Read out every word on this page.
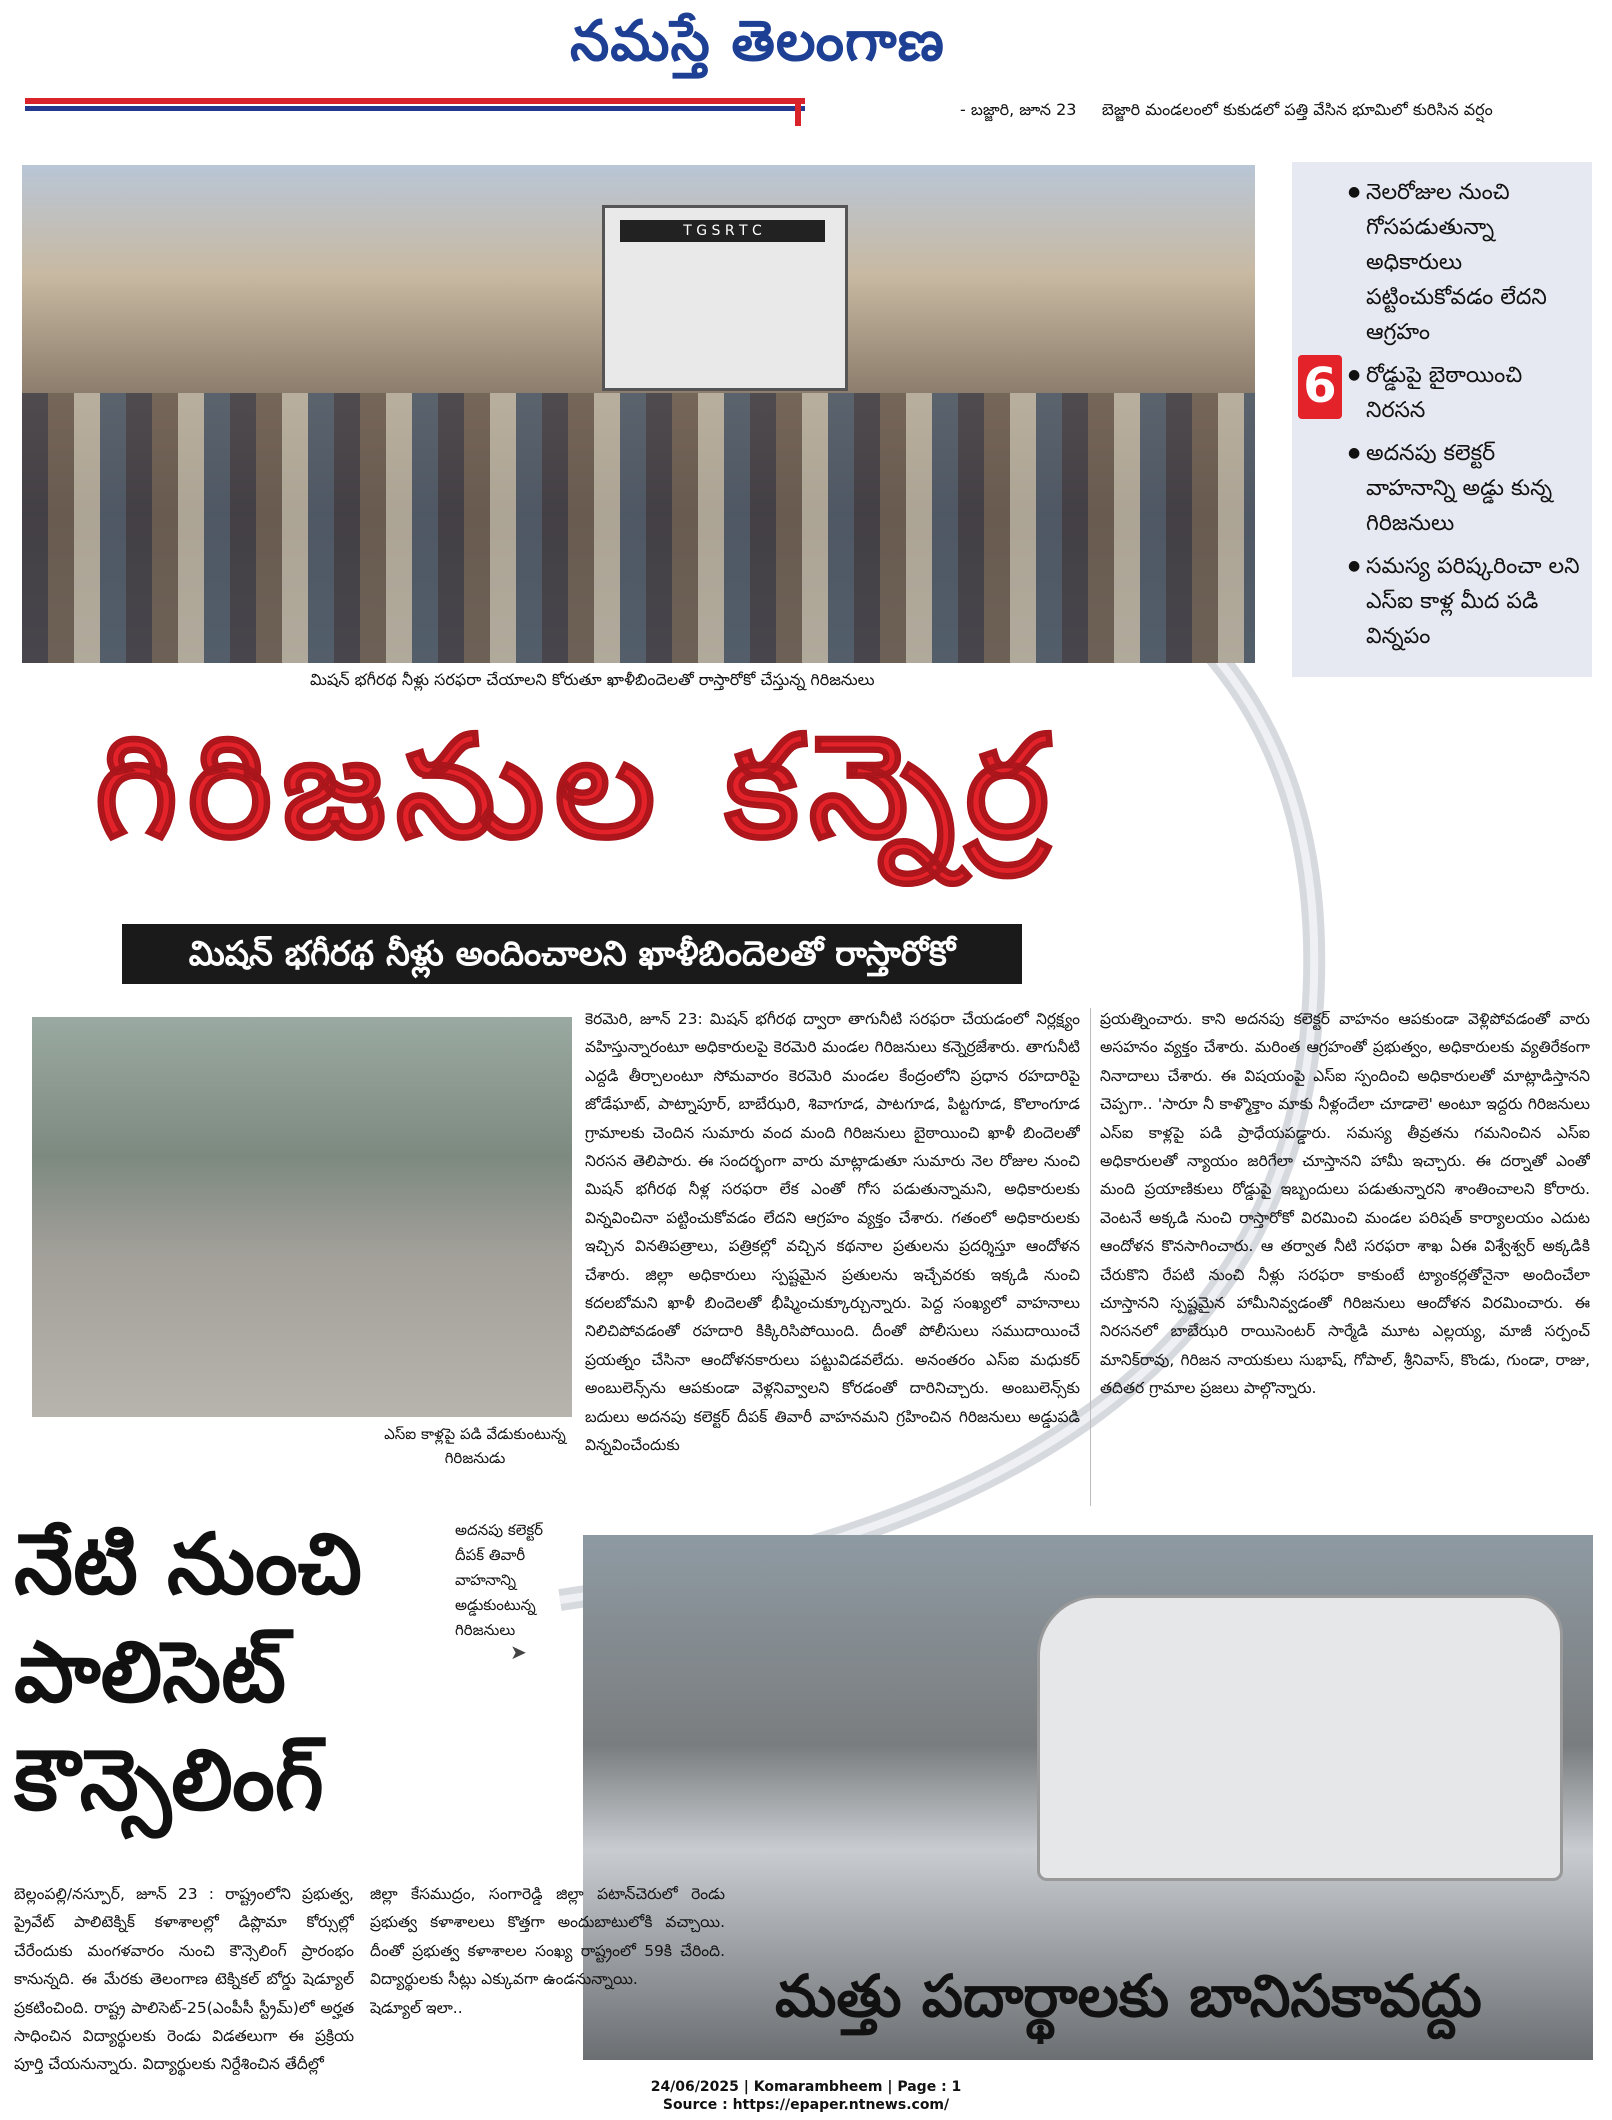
నమస్తే తెలంగాణ
- బజ్జారి, జూన 23 బెజ్జారి మండలంలో కుకుడలో పత్తి వేసిన భూమిలో కురిసిన వర్షం
T G S R T C
మిషన్ భగీరథ నీళ్లు సరఫరా చేయాలని కోరుతూ ఖాళీబిందెలతో రాస్తారోకో చేస్తున్న గిరిజనులు
6
● నెలరోజుల నుంచి గోసపడుతున్నా అధికారులు పట్టించుకోవడం లేదని ఆగ్రహం
● రోడ్డుపై బైఠాయించి నిరసన
● అదనపు కలెక్టర్ వాహనాన్ని అడ్డు కున్న గిరిజనులు
● సమస్య పరిష్కరించా లని ఎస్ఐ కాళ్ల మీద పడి విన్నపం
గిరిజనుల కన్నెర్ర
మిషన్ భగీరథ నీళ్లు అందించాలని ఖాళీబిందెలతో రాస్తారోకో
ఎస్ఐ కాళ్లపై పడి వేడుకుంటున్న గిరిజనుడు
కెరమెరి, జూన్ 23: మిషన్ భగీరథ ద్వారా తాగునీటి సరఫరా చేయడంలో నిర్లక్ష్యం వహిస్తున్నారంటూ అధికారులపై కెరమెరి మండల గిరిజనులు కన్నెర్రజేశారు. తాగునీటి ఎద్దడి తీర్చాలంటూ సోమవారం కెరమెరి మండల కేంద్రంలోని ప్రధాన రహదారిపై జోడేఘాట్, పాట్నాపూర్, బాబేఝరి, శివాగూడ, పాటగూడ, పిట్టగూడ, కొలాంగూడ గ్రామాలకు చెందిన సుమారు వంద మంది గిరిజనులు బైఠాయించి ఖాళీ బిందెలతో నిరసన తెలిపారు. ఈ సందర్భంగా వారు మాట్లాడుతూ సుమారు నెల రోజుల నుంచి మిషన్ భగీరథ నీళ్ల సరఫరా లేక ఎంతో గోస పడుతున్నామని, అధికారులకు విన్నవించినా పట్టించుకోవడం లేదని ఆగ్రహం వ్యక్తం చేశారు. గతంలో అధికారులకు ఇచ్చిన వినతిపత్రాలు, పత్రికల్లో వచ్చిన కథనాల ప్రతులను ప్రదర్శిస్తూ ఆందోళన చేశారు. జిల్లా అధికారులు స్పష్టమైన ప్రతులను ఇచ్చేవరకు ఇక్కడి నుంచి కదలబోమని ఖాళీ బిందెలతో భీష్మించుక్కూర్చున్నారు. పెద్ద సంఖ్యలో వాహనాలు నిలిచిపోవడంతో రహదారి కిక్కిరిసిపోయింది. దీంతో పోలీసులు సముదాయించే ప్రయత్నం చేసినా ఆందోళనకారులు పట్టువిడవలేదు. అనంతరం ఎస్ఐ మధుకర్ అంబులెన్స్‌ను ఆపకుండా వెళ్లనివ్వాలని కోరడంతో దారినిచ్చారు. అంబులెన్స్‌కు బదులు అదనపు కలెక్టర్ దీపక్ తివారీ వాహనమని గ్రహించిన గిరిజనులు అడ్డుపడి విన్నవించేందుకు
ప్రయత్నించారు. కాని అదనపు కలెక్టర్ వాహనం ఆపకుండా వెళ్లిపోవడంతో వారు అసహనం వ్యక్తం చేశారు. మరింత ఆగ్రహంతో ప్రభుత్వం, అధికారులకు వ్యతిరేకంగా నినాదాలు చేశారు. ఈ విషయంపై ఎస్ఐ స్పందించి అధికారులతో మాట్లాడిస్తానని చెప్పగా.. 'సారూ నీ కాళ్మొక్తాం మాకు నీళ్లందేలా చూడాలె' అంటూ ఇద్దరు గిరిజనులు ఎస్ఐ కాళ్లపై పడి ప్రాధేయపడ్డారు. సమస్య తీవ్రతను గమనించిన ఎస్ఐ అధికారులతో న్యాయం జరిగేలా చూస్తానని హామీ ఇచ్చారు. ఈ దర్నాతో ఎంతో మంది ప్రయాణికులు రోడ్డుపై ఇబ్బందులు పడుతున్నారని శాంతించాలని కోరారు. వెంటనే అక్కడి నుంచి రాస్తారోకో విరమించి మండల పరిషత్ కార్యాలయం ఎదుట ఆందోళన కొనసాగించారు. ఆ తర్వాత నీటి సరఫరా శాఖ ఏఈ విశ్వేశ్వర్ అక్కడికి చేరుకొని రేపటి నుంచి నీళ్లు సరఫరా కాకుంటే ట్యాంకర్లతోనైనా అందించేలా చూస్తానని స్పష్టమైన హామీనివ్వడంతో గిరిజనులు ఆందోళన విరమించారు. ఈ నిరసనలో బాబేఝరి రాయిసెంటర్ సార్మేడి మూట ఎల్లయ్య, మాజీ సర్పంచ్ మానిక్‌రావు, గిరిజన నాయకులు సుభాష్, గోపాల్, శ్రీనివాస్, కొండు, గుండా, రాజు, తదితర గ్రామాల ప్రజలు పాల్గొన్నారు.
అదనపు కలెక్టర్ దీపక్ తివారీ వాహనాన్ని అడ్డుకుంటున్న గిరిజనులు
➤
నేటి నుంచి పాలిసెట్ కౌన్సెలింగ్
బెల్లంపల్లి/నస్పూర్, జూన్ 23 : రాష్ట్రంలోని ప్రభుత్వ, ప్రైవేట్ పాలిటెక్నిక్ కళాశాలల్లో డిప్లొమా కోర్సుల్లో చేరేందుకు మంగళవారం నుంచి కౌన్సెలింగ్ ప్రారంభం కానున్నది. ఈ మేరకు తెలంగాణ టెక్నికల్ బోర్డు షెడ్యూల్ ప్రకటించింది. రాష్ట్ర పాలిసెట్-25(ఎంపీసీ స్ట్రీమ్)లో అర్హత సాధించిన విద్యార్థులకు రెండు విడతలుగా ఈ ప్రక్రియ పూర్తి చేయనున్నారు. విద్యార్థులకు నిర్దేశించిన తేదీల్లో
జిల్లా కేసముద్రం, సంగారెడ్డి జిల్లా పటాన్‌చెరులో రెండు ప్రభుత్వ కళాశాలలు కొత్తగా అందుబాటులోకి వచ్చాయి. దీంతో ప్రభుత్వ కళాశాలల సంఖ్య రాష్ట్రంలో 59కి చేరింది. విద్యార్థులకు సీట్లు ఎక్కువగా ఉండనున్నాయి.
షెడ్యూల్ ఇలా..	మత్తు పదార్థాలకు బానిసకావద్దు
24/06/2025 | Komarambheem | Page : 1
Source : https://epaper.ntnews.com/
